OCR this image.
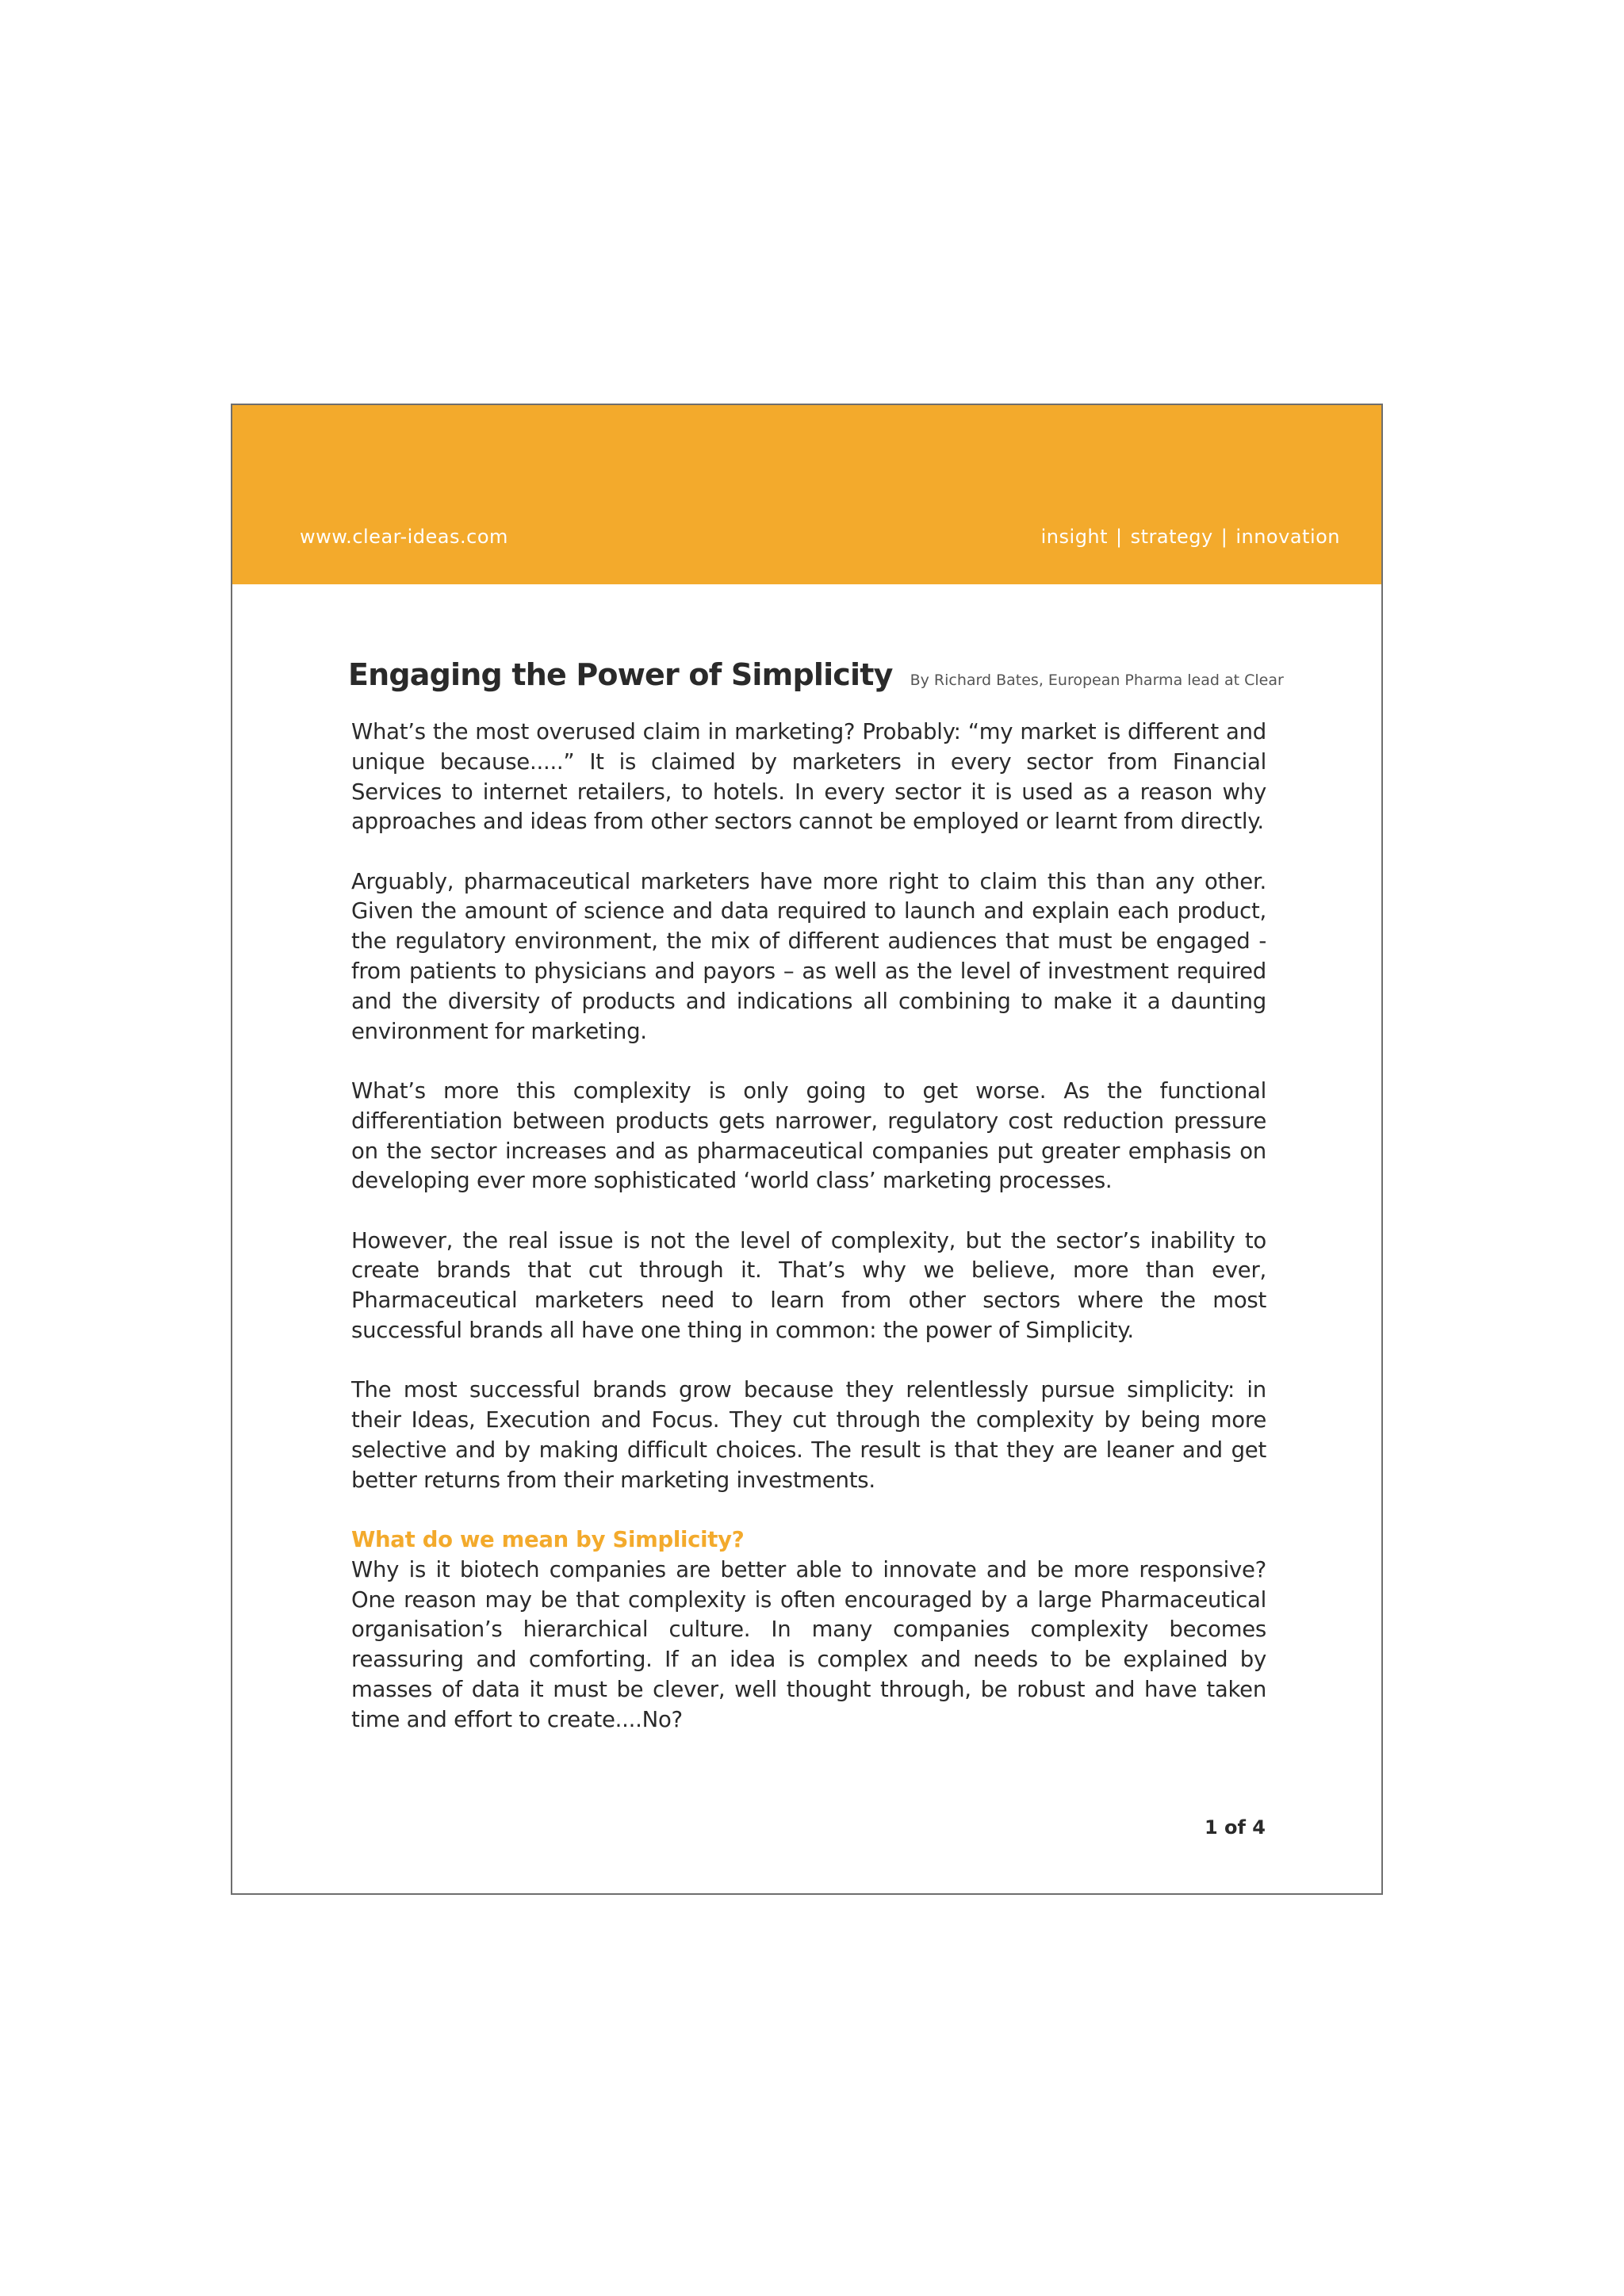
www.clear-ideas.com	insight | strategy | innovation
Engaging the Power of Simplicity By Richard Bates, European Pharma lead at Clear

What’s the most overused claim in marketing? Probably: “my market is different and unique because.....” It is claimed by marketers in every sector from Financial Services to internet retailers, to hotels. In every sector it is used as a reason why approaches and ideas from other sectors cannot be employed or learnt from directly.

Arguably, pharmaceutical marketers have more right to claim this than any other. Given the amount of science and data required to launch and explain each product, the regulatory environment, the mix of different audiences that must be engaged - from patients to physicians and payors – as well as the level of investment required and the diversity of products and indications all combining to make it a daunting environment for marketing.

What’s more this complexity is only going to get worse. As the functional differentiation between products gets narrower, regulatory cost reduction pressure on the sector increases and as pharmaceutical companies put greater emphasis on developing ever more sophisticated ‘world class’ marketing processes.

However, the real issue is not the level of complexity, but the sector’s inability to create brands that cut through it. That’s why we believe, more than ever, Pharmaceutical marketers need to learn from other sectors where the most successful brands all have one thing in common: the power of Simplicity.

The most successful brands grow because they relentlessly pursue simplicity: in their Ideas, Execution and Focus. They cut through the complexity by being more selective and by making difficult choices. The result is that they are leaner and get better returns from their marketing investments.

What do we mean by Simplicity?

Why is it biotech companies are better able to innovate and be more responsive? One reason may be that complexity is often encouraged by a large Pharmaceutical organisation’s hierarchical culture. In many companies complexity becomes reassuring and comforting. If an idea is complex and needs to be explained by masses of data it must be clever, well thought through, be robust and have taken time and effort to create....No?

1 of 4
